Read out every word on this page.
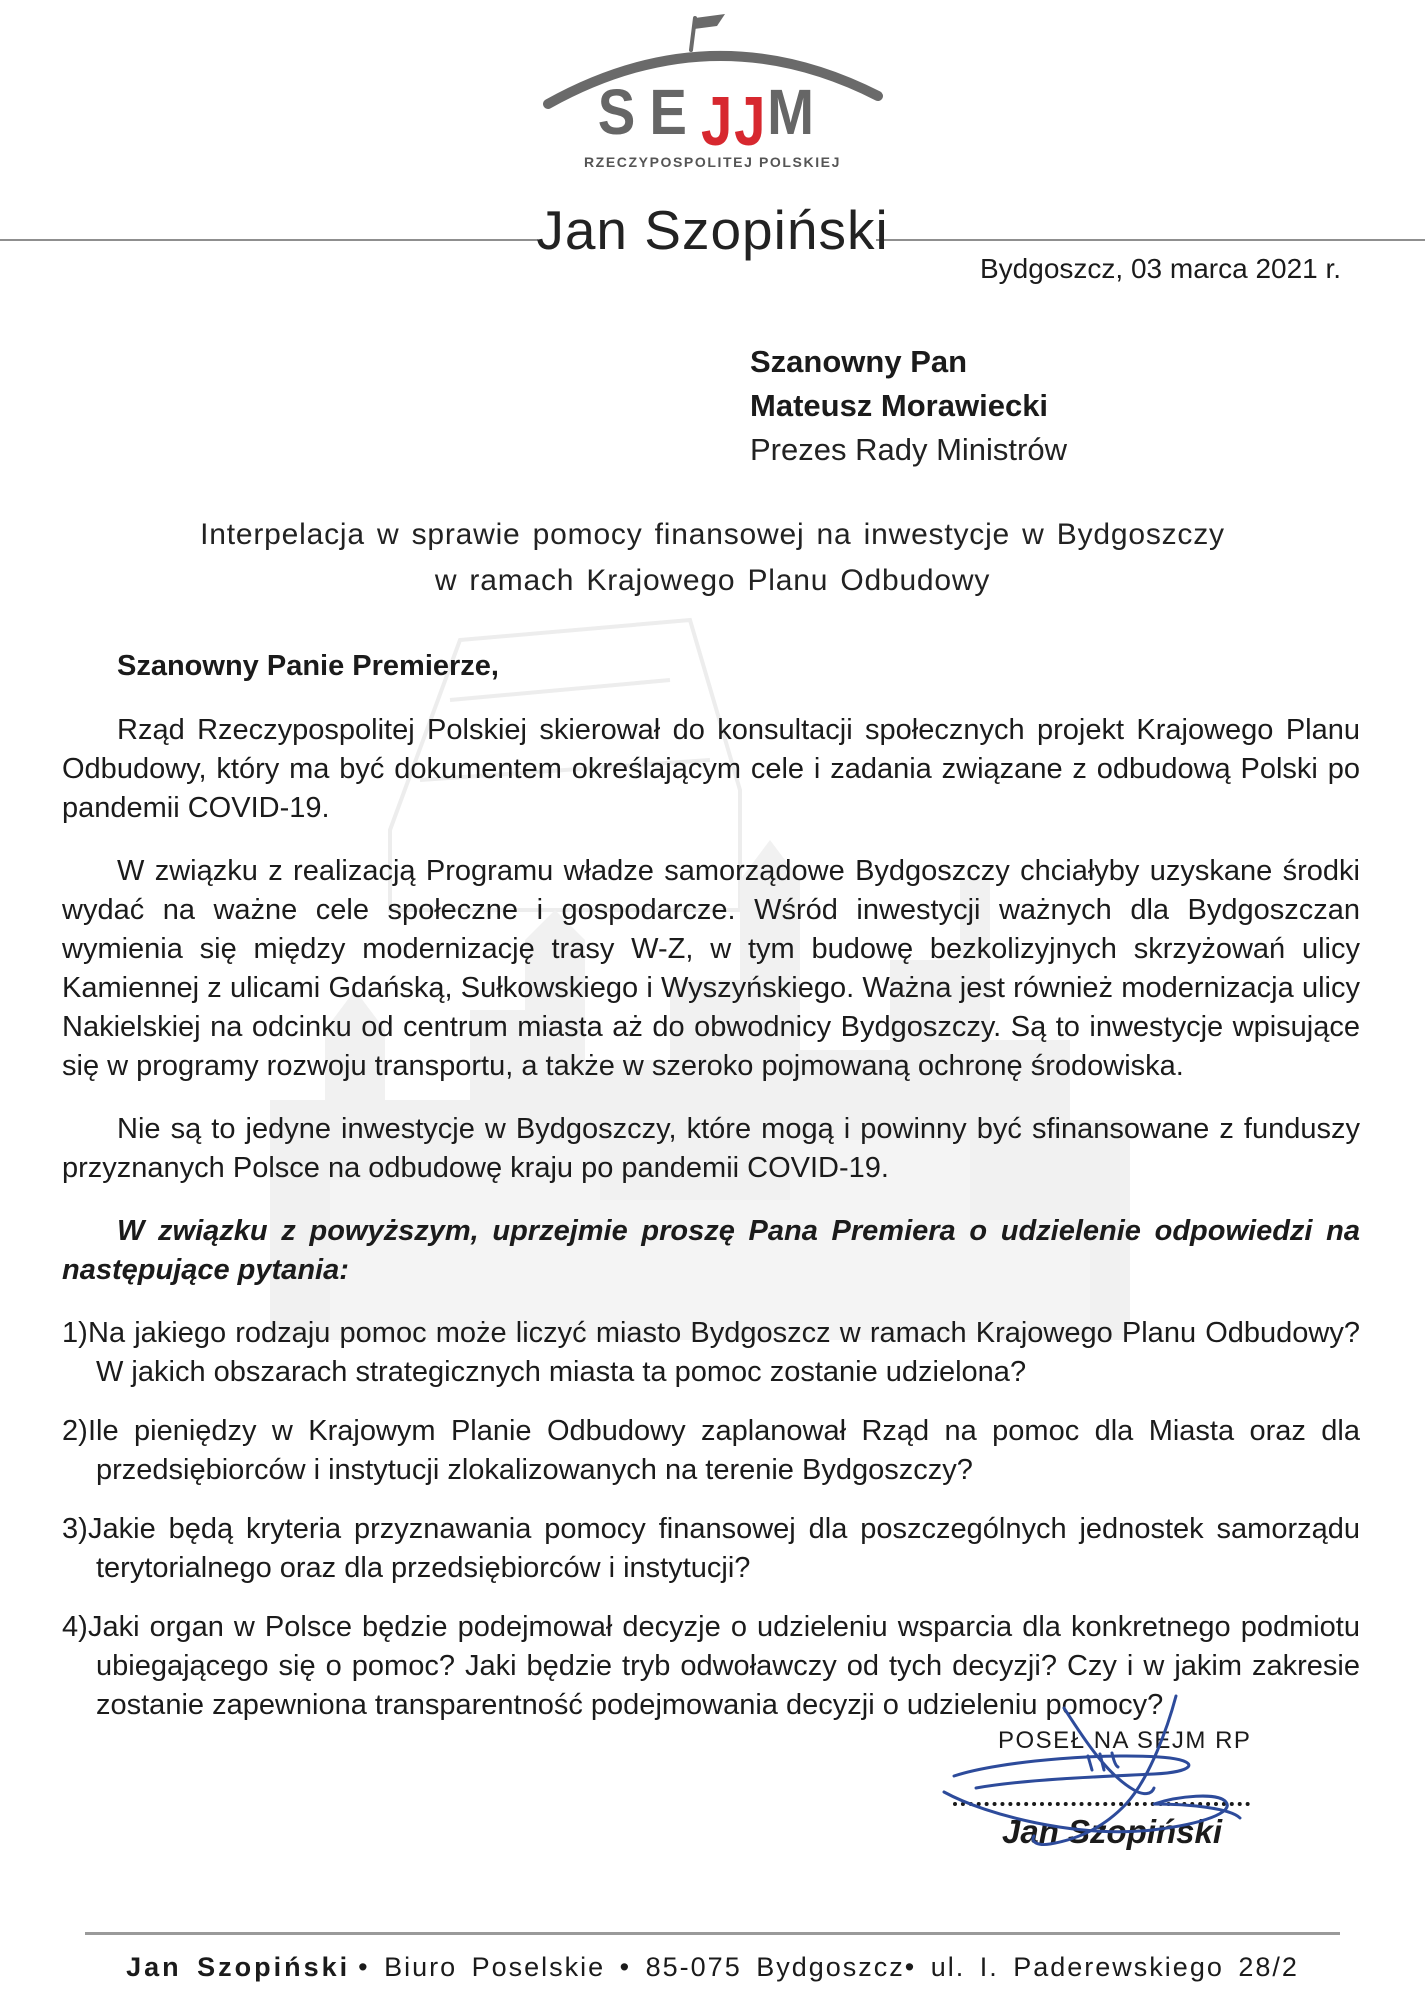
SEJJM
RZECZYPOSPOLITEJ POLSKIEJ
Jan Szopiński
Bydgoszcz, 03 marca 2021 r.
Szanowny Pan
Mateusz Morawiecki
Prezes Rady Ministrów
Interpelacja w sprawie pomocy finansowej na inwestycje w Bydgoszczy
w ramach Krajowego Planu Odbudowy
Szanowny Panie Premierze,

Rząd Rzeczypospolitej Polskiej skierował do konsultacji społecznych projekt Krajowego Planu Odbudowy, który ma być dokumentem określającym cele i zadania związane z odbudową Polski po pandemii COVID-19.

W związku z realizacją Programu władze samorządowe Bydgoszczy chciałyby uzyskane środki wydać na ważne cele społeczne i gospodarcze. Wśród inwestycji ważnych dla Bydgoszczan wymienia się między modernizację trasy W-Z, w tym budowę bezkolizyjnych skrzyżowań ulicy Kamiennej z ulicami Gdańską, Sułkowskiego i Wyszyńskiego. Ważna jest również modernizacja ulicy Nakielskiej na odcinku od centrum miasta aż do obwodnicy Bydgoszczy. Są to inwestycje wpisujące się w programy rozwoju transportu, a także w szeroko pojmowaną ochronę środowiska.

Nie są to jedyne inwestycje w Bydgoszczy, które mogą i powinny być sfinansowane z funduszy przyznanych Polsce na odbudowę kraju po pandemii COVID-19.

W związku z powyższym, uprzejmie proszę Pana Premiera o udzielenie odpowiedzi na następujące pytania:

1)Na jakiego rodzaju pomoc może liczyć miasto Bydgoszcz w ramach Krajowego Planu Odbudowy? W jakich obszarach strategicznych miasta ta pomoc zostanie udzielona?
2)Ile pieniędzy w Krajowym Planie Odbudowy zaplanował Rząd na pomoc dla Miasta oraz dla przedsiębiorców i instytucji zlokalizowanych na terenie Bydgoszczy?
3)Jakie będą kryteria przyznawania pomocy finansowej dla poszczególnych jednostek samorządu terytorialnego oraz dla przedsiębiorców i instytucji?
4)Jaki organ w Polsce będzie podejmował decyzje o udzieleniu wsparcia dla konkretnego podmiotu ubiegającego się o pomoc? Jaki będzie tryb odwoławczy od tych decyzji? Czy i w jakim zakresie zostanie zapewniona transparentność podejmowania decyzji o udzieleniu pomocy?
POSEŁ NA SEJM RP
Jan Szopiński
Jan Szopiński • Biuro Poselskie • 85-075 Bydgoszcz• ul. I. Paderewskiego 28/2
